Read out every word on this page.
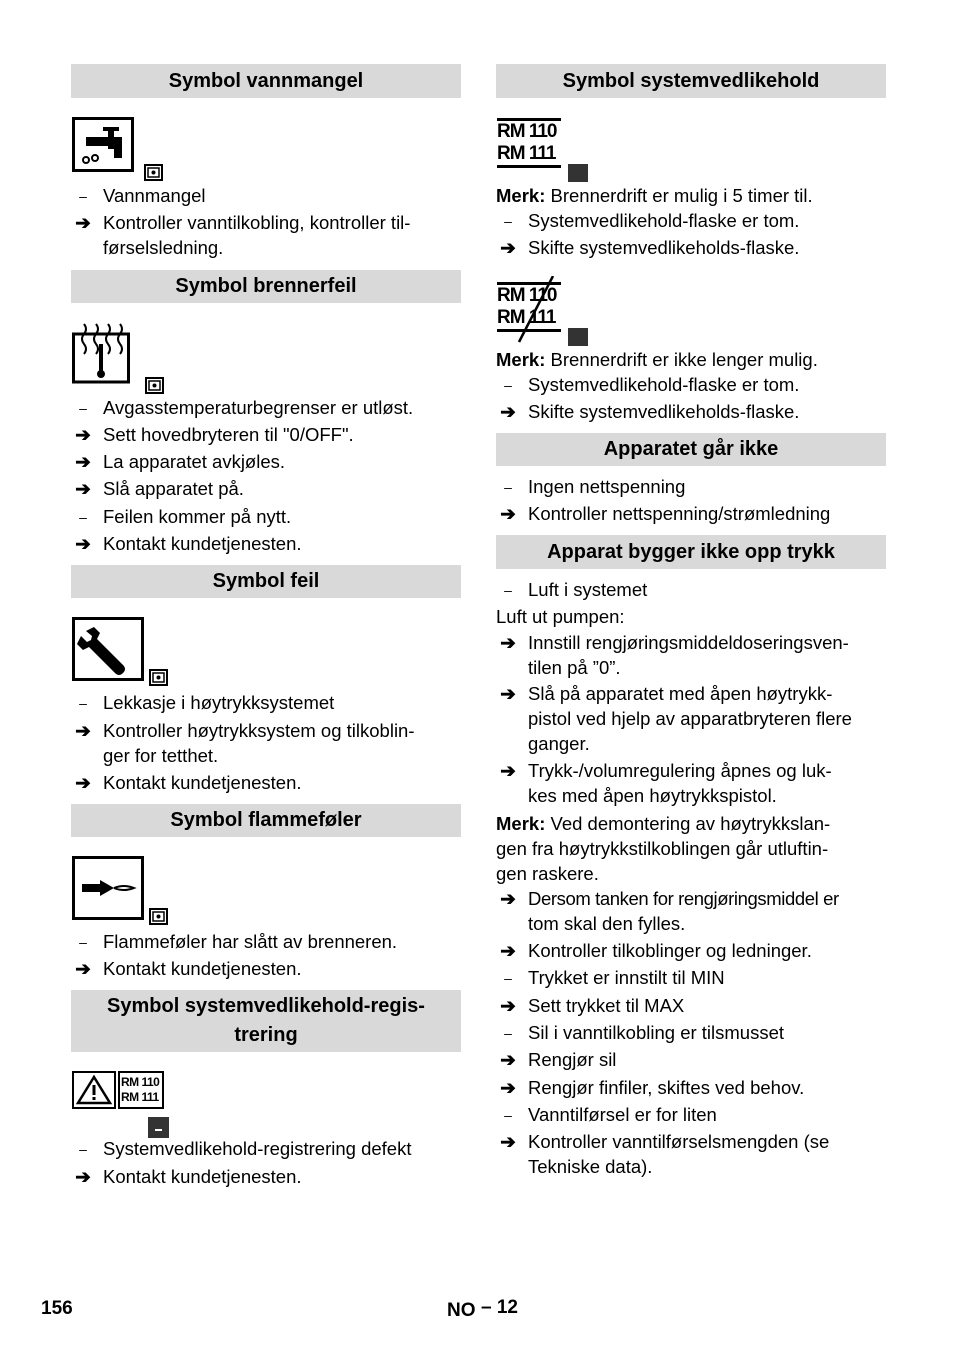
Symbol vannmangel
– Vannmangel
➔ Kontroller vanntilkobling, kontroller til-
førselsledning.
Symbol brennerfeil
– Avgasstemperaturbegrenser er utløst.
➔ Sett hovedbryteren til "0/OFF".
➔ La apparatet avkjøles.
➔ Slå apparatet på.
– Feilen kommer på nytt.
➔ Kontakt kundetjenesten.
Symbol feil
– Lekkasje i høytrykksystemet
➔ Kontroller høytrykksystem og tilkoblin-
ger for tetthet.
➔ Kontakt kundetjenesten.
Symbol flammeføler
– Flammeføler har slått av brenneren.
➔ Kontakt kundetjenesten.
Symbol systemvedlikehold-regis-
trering
RM 110
RM 111
– Systemvedlikehold-registrering defekt
➔ Kontakt kundetjenesten.
Symbol systemvedlikehold
RM 110
RM 111
Merk: Brennerdrift er mulig i 5 timer til.
– Systemvedlikehold-flaske er tom.
➔ Skifte systemvedlikeholds-flaske.
RM 110
RM 111
Merk: Brennerdrift er ikke lenger mulig.
– Systemvedlikehold-flaske er tom.
➔ Skifte systemvedlikeholds-flaske.
Apparatet går ikke
– Ingen nettspenning
➔ Kontroller nettspenning/strømledning
Apparat bygger ikke opp trykk
– Luft i systemet
Luft ut pumpen:
➔ Innstill rengjøringsmiddeldoseringsven-
tilen på ”0”.
➔ Slå på apparatet med åpen høytrykk-
pistol ved hjelp av apparatbryteren flere
ganger.
➔ Trykk-/volumregulering åpnes og luk-
kes med åpen høytrykkspistol.
Merk: Ved demontering av høytrykkslan-
gen fra høytrykkstilkoblingen går utluftin-
gen raskere.
➔ Dersom tanken for rengjøringsmiddel er
tom skal den fylles.
➔ Kontroller tilkoblinger og ledninger.
– Trykket er innstilt til MIN
➔ Sett trykket til MAX
– Sil i vanntilkobling er tilsmusset
➔ Rengjør sil
➔ Rengjør finfiler, skiftes ved behov.
– Vanntilførsel er for liten
➔ Kontroller vanntilførselsmengden (se
Tekniske data).
156	NO – 12
